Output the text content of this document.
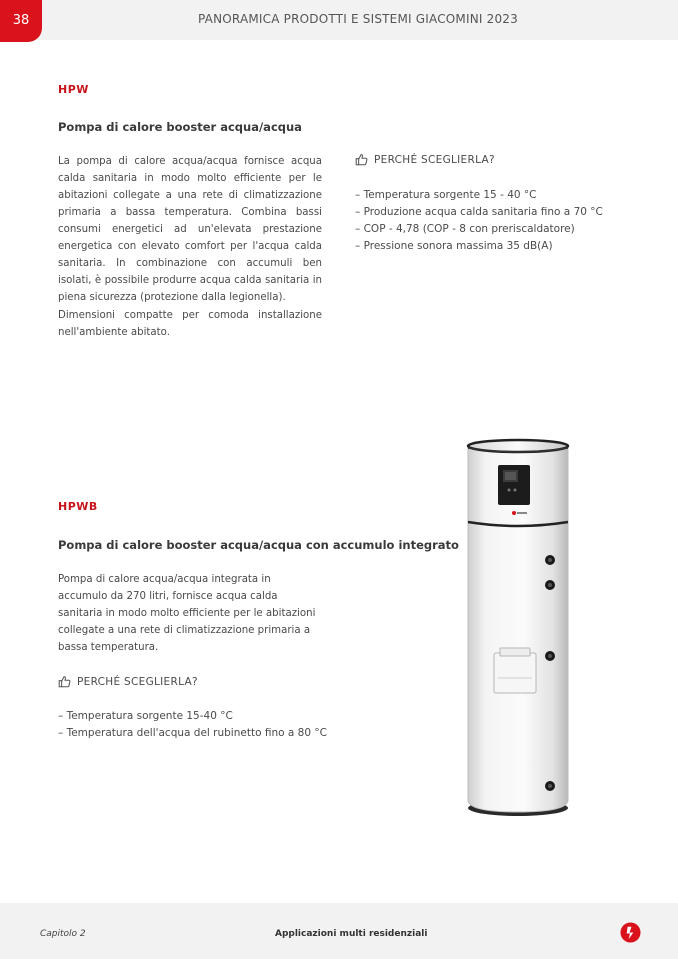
38	PANORAMICA PRODOTTI E SISTEMI GIACOMINI 2023
HPW
Pompa di calore booster acqua/acqua

La pompa di calore acqua/acqua fornisce acqua calda sanitaria in modo molto efficiente per le abitazioni collegate a una rete di climatizzazione primaria a bassa temperatura. Combina bassi consumi energetici ad un'elevata prestazione energetica con elevato comfort per l'acqua calda sanitaria. In combinazione con accumuli ben isolati, è possibile produrre acqua calda sanitaria in piena sicurezza (protezione dalla legionella).

Dimensioni compatte per comoda installazione nell'ambiente abitato.

PERCHÉ SCEGLIERLA?
– Temperatura sorgente 15 - 40 °C
– Produzione acqua calda sanitaria fino a 70 °C
– COP - 4,78 (COP - 8 con preriscaldatore)
– Pressione sonora massima 35 dB(A)
HPWB
Pompa di calore booster acqua/acqua con accumulo integrato

Pompa di calore acqua/acqua integrata in accumulo da 270 litri, fornisce acqua calda sanitaria in modo molto efficiente per le abitazioni collegate a una rete di climatizzazione primaria a bassa temperatura.

PERCHÉ SCEGLIERLA?
– Temperatura sorgente 15-40 °C
– Temperatura dell'acqua del rubinetto fino a 80 °C
Capitolo 2	Applicazioni multi residenziali
